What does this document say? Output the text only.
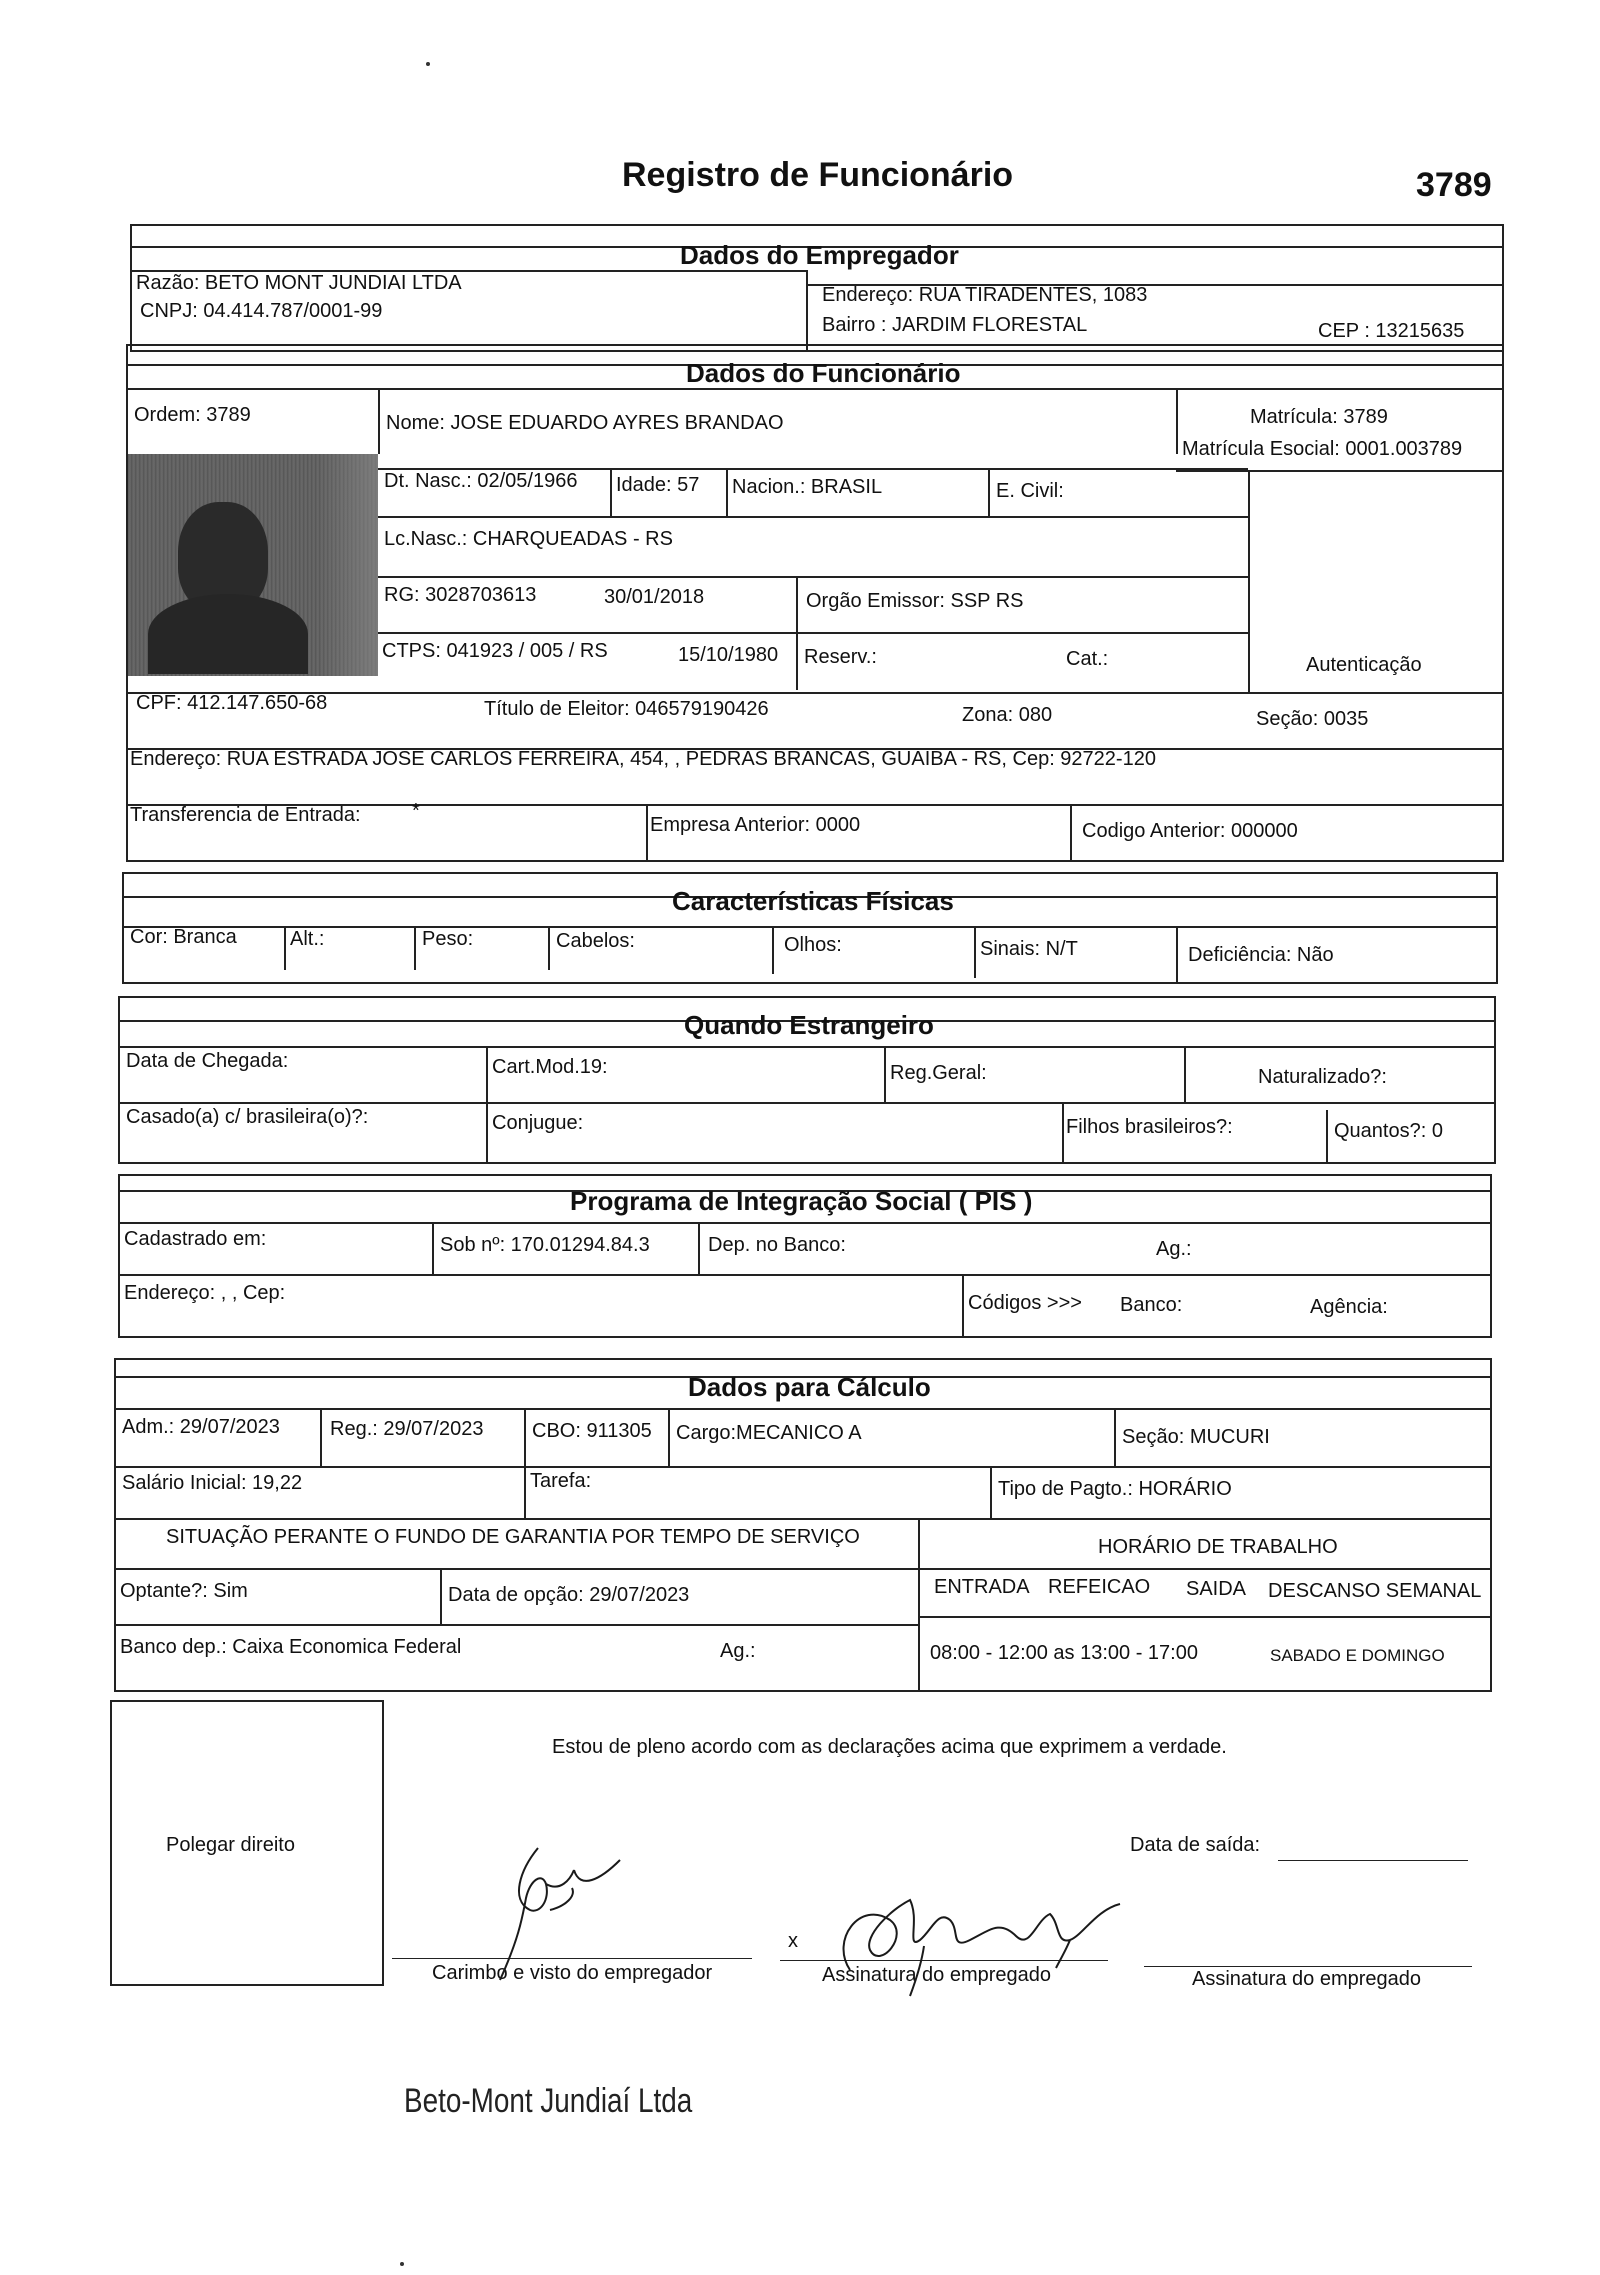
Registro de Funcionário	3789
Dados do Empregador
Razão: BETO MONT JUNDIAI LTDA
CNPJ: 04.414.787/0001-99
Endereço: RUA TIRADENTES, 1083
Bairro : JARDIM FLORESTAL	CEP : 13215635
Dados do Funcionário
Ordem: 3789	Nome: JOSE EDUARDO AYRES BRANDAO	Matrícula: 3789
Matrícula Esocial: 0001.003789
Dt. Nasc.: 02/05/1966 Idade: 57 Nacion.: BRASIL	E. Civil:
Lc.Nasc.: CHARQUEADAS - RS
RG: 3028703613	30/01/2018	Orgão Emissor: SSP RS
CTPS: 041923 / 005 / RS	15/10/1980 Reserv.:	Cat.:	Autenticação
CPF: 412.147.650-68	Título de Eleitor: 046579190426	Zona: 080	Seção: 0035
Endereço: RUA ESTRADA JOSE CARLOS FERREIRA, 454, , PEDRAS BRANCAS, GUAIBA - RS, Cep: 92722-120
Transferencia de Entrada:	*
Empresa Anterior: 0000	Codigo Anterior: 000000
Características Físicas
Cor: Branca	Alt.:	Peso:	Cabelos:	Olhos:	Sinais: N/T	Deficiência: Não
Quando Estrangeiro
Data de Chegada:	Cart.Mod.19:	Reg.Geral:	Naturalizado?:
Casado(a) c/ brasileira(o)?:	Conjugue:	Filhos brasileiros?:	Quantos?: 0
Programa de Integração Social ( PIS )
Cadastrado em:	Sob nº: 170.01294.84.3	Dep. no Banco:	Ag.:
Endereço: , , Cep:	Códigos >>> Banco:	Agência:
Dados para Cálculo
Adm.: 29/07/2023	Reg.: 29/07/2023 CBO: 911305 Cargo:MECANICO A	Seção: MUCURI
Salário Inicial: 19,22	Tarefa:	Tipo de Pagto.: HORÁRIO
SITUAÇÃO PERANTE O FUNDO DE GARANTIA POR TEMPO DE SERVIÇO	HORÁRIO DE TRABALHO
Optante?: Sim	Data de opção: 29/07/2023	ENTRADA REFEICAO SAIDA DESCANSO SEMANAL
Banco dep.: Caixa Economica Federal	Ag.:	08:00 - 12:00 as 13:00 - 17:00	SABADO E DOMINGO
Polegar direito
Estou de pleno acordo com as declarações acima que exprimem a verdade.
Data de saída:
Carimbo e visto do empregador
x
Assinatura do empregado	Assinatura do empregado
Beto-Mont Jundiaí Ltda
